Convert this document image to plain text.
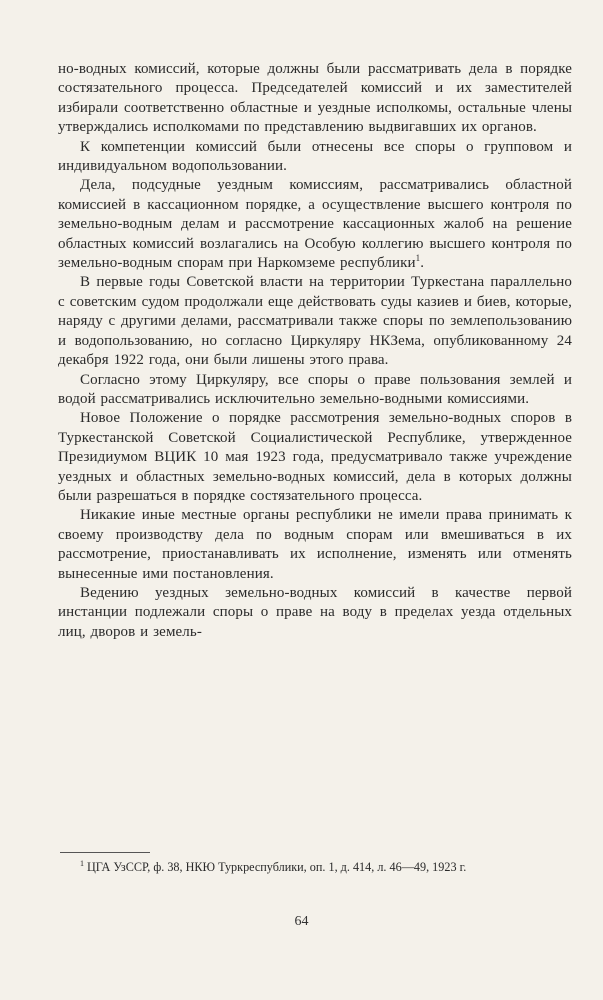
но-водных комиссий, которые должны были рассматривать дела в порядке состязательного процесса. Председателей комиссий и их заместителей избирали соответственно областные и уездные исполкомы, остальные члены утверждались исполкомами по представлению выдвигавших их органов.

К компетенции комиссий были отнесены все споры о групповом и индивидуальном водопользовании.

Дела, подсудные уездным комиссиям, рассматривались областной комиссией в кассационном порядке, а осуществление высшего контроля по земельно-водным делам и рассмотрение кассационных жалоб на решение областных комиссий возлагались на Особую коллегию высшего контроля по земельно-водным спорам при Наркомземе республики$^1$.

В первые годы Советской власти на территории Туркестана параллельно с советским судом продолжали еще действовать суды казиев и биев, которые, наряду с другими делами, рассматривали также споры по землепользованию и водопользованию, но согласно Циркуляру НКЗема, опубликованному 24 декабря 1922 года, они были лишены этого права.

Согласно этому Циркуляру, все споры о праве пользования землей и водой рассматривались исключительно земельно-водными комиссиями.

Новое Положение о порядке рассмотрения земельно-водных споров в Туркестанской Советской Социалистической Республике, утвержденное Президиумом ВЦИК 10 мая 1923 года, предусматривало также учреждение уездных и областных земельно-водных комиссий, дела в которых должны были разрешаться в порядке состязательного процесса.

Никакие иные местные органы республики не имели права принимать к своему производству дела по водным спорам или вмешиваться в их рассмотрение, приостанавливать их исполнение, изменять или отменять вынесенные ими постановления.

Ведению уездных земельно-водных комиссий в качестве первой инстанции подлежали споры о праве на воду в пределах уезда отдельных лиц, дворов и земель-

$^1$ ЦГА УзССР, ф. 38, НКЮ Туркреспублики, оп. 1, д. 414, л. 46—49, 1923 г.

64
